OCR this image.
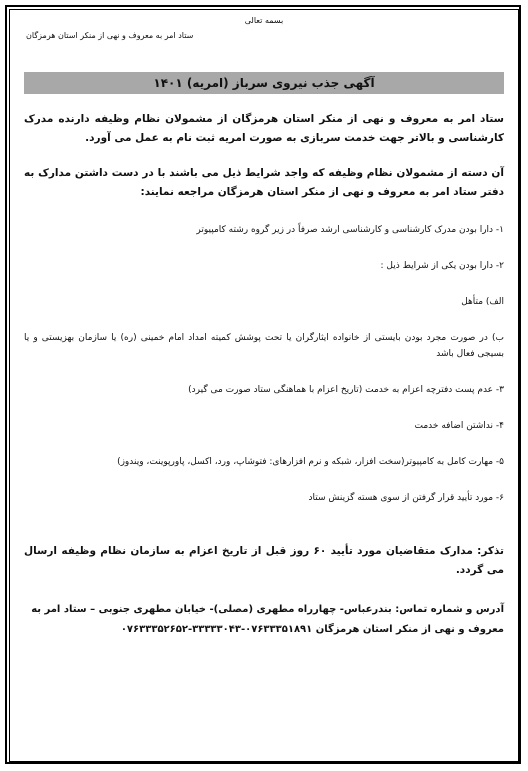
بسمه تعالی
ستاد امر به معروف و نهی از منکر استان هرمزگان
آگهی جذب نیروی سرباز (امریه) ۱۴۰۱
ستاد امر به معروف و نهی از منکر استان هرمزگان از مشمولان نظام وظیفه دارنده مدرک کارشناسی و بالاتر جهت خدمت سربازی به صورت امریه ثبت نام به عمل می آورد.
آن دسته از مشمولان نظام وظیفه که واجد شرایط ذیل می باشند با در دست داشتن مدارک به دفتر ستاد امر به معروف و نهی از منکر استان هرمزگان مراجعه نمایند:
۱- دارا بودن مدرک کارشناسی و کارشناسی ارشد صرفاً در زیر گروه رشته کامپیوتر
۲- دارا بودن یکی از شرایط ذیل :
الف) متأهل
ب) در صورت مجرد بودن بایستی از خانواده ایثارگران یا تحت پوشش کمیته امداد امام خمینی (ره) یا سازمان بهزیستی و یا بسیجی فعال باشد
۳- عدم پست دفترچه اعزام به خدمت (تاریخ اعزام با هماهنگی ستاد صورت می گیرد)
۴- نداشتن اضافه خدمت
۵- مهارت کامل به کامپیوتر(سخت افزار، شبکه و نرم افزارهای: فتوشاپ، ورد، اکسل، پاورپوینت، ویندوز)
۶- مورد تأیید قرار گرفتن از سوی هسته گزینش ستاد
تذکر: مدارک متقاضیان مورد تأیید ۶۰ روز قبل از تاریخ اعزام به سازمان نظام وظیفه ارسال می گردد.
آدرس و شماره تماس: بندرعباس- چهارراه مطهری (مصلی)- خیابان مطهری جنوبی – ستاد امر به معروف و نهی از منکر استان هرمزگان ۰۷۶۳۳۳۵۱۸۹۱-۳۳۳۳۳۰۴۳-۰۷۶۳۳۳۵۲۶۵۲
